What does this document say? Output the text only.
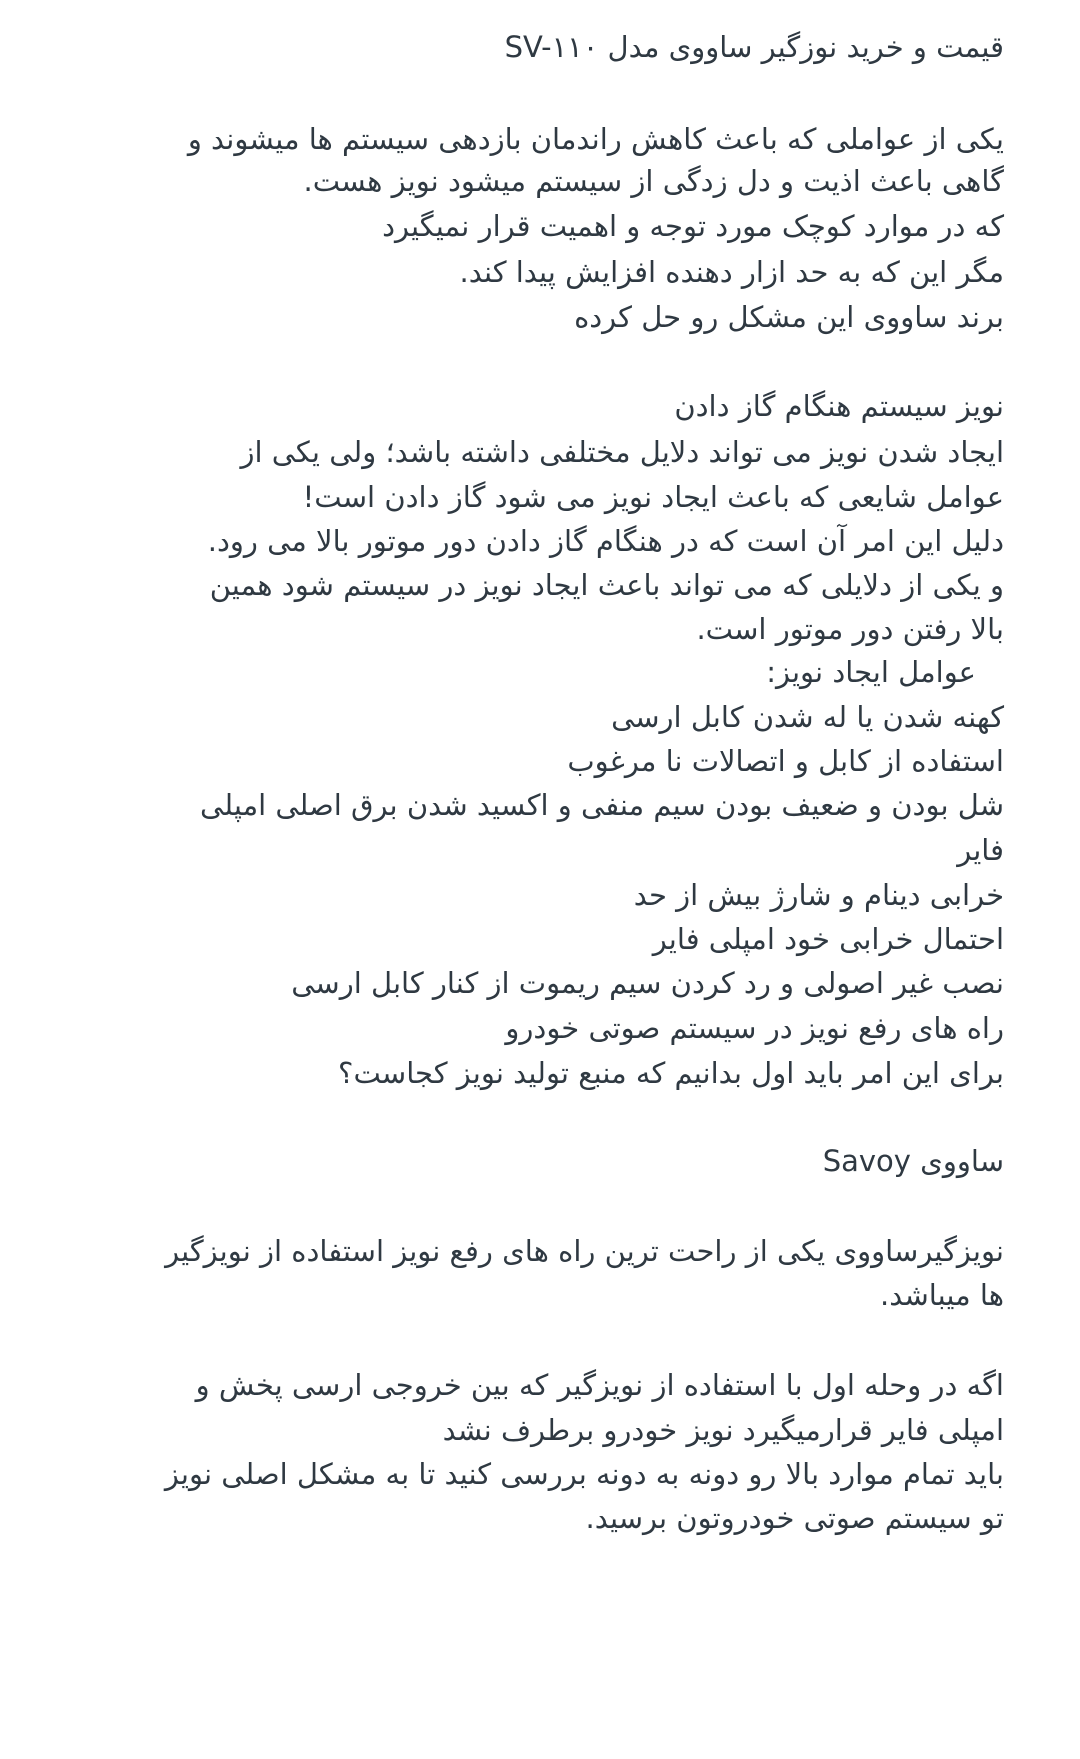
قیمت و خرید نوزگیر ساووی مدل SV-۱۱۰

یکی از عواملی که باعث کاهش راندمان بازدهی سیستم ها میشوند و

گاهی باعث اذیت و دل زدگی از سیستم میشود نویز هست.

که در موارد کوچک مورد توجه و اهمیت قرار نمیگیرد

مگر این که به حد ازار دهنده افزایش پیدا کند.

برند ساووی این مشکل رو حل کرده

نویز سیستم هنگام گاز دادن

ایجاد شدن نویز می تواند دلایل مختلفی داشته باشد؛ ولی یکی از

عوامل شایعی که باعث ایجاد نویز می شود گاز دادن است!

دلیل این امر آن است که در هنگام گاز دادن دور موتور بالا می رود.

و یکی از دلایلی که می تواند باعث ایجاد نویز در سیستم شود همین

بالا رفتن دور موتور است.

عوامل ایجاد نویز:

کهنه شدن یا له شدن کابل ارسی

استفاده از کابل و اتصالات نا مرغوب

شل بودن و ضعیف بودن سیم منفی و اکسید شدن برق اصلی امپلی

فایر

خرابی دینام و شارژ بیش از حد

احتمال خرابی خود امپلی فایر

نصب غیر اصولی و رد کردن سیم ریموت از کنار کابل ارسی

راه های رفع نویز در سیستم صوتی خودرو

برای این امر باید اول بدانیم که منبع تولید نویز کجاست؟

ساووی Savoy

نویزگیرساووی یکی از راحت ترین راه های رفع نویز استفاده از نویزگیر

ها میباشد.

اگه در وحله اول با استفاده از نویزگیر که بین خروجی ارسی پخش و

امپلی فایر قرارمیگیرد نویز خودرو برطرف نشد

باید تمام موارد بالا رو دونه به دونه بررسی کنید تا به مشکل اصلی نویز

تو سیستم صوتی خودروتون برسید.
